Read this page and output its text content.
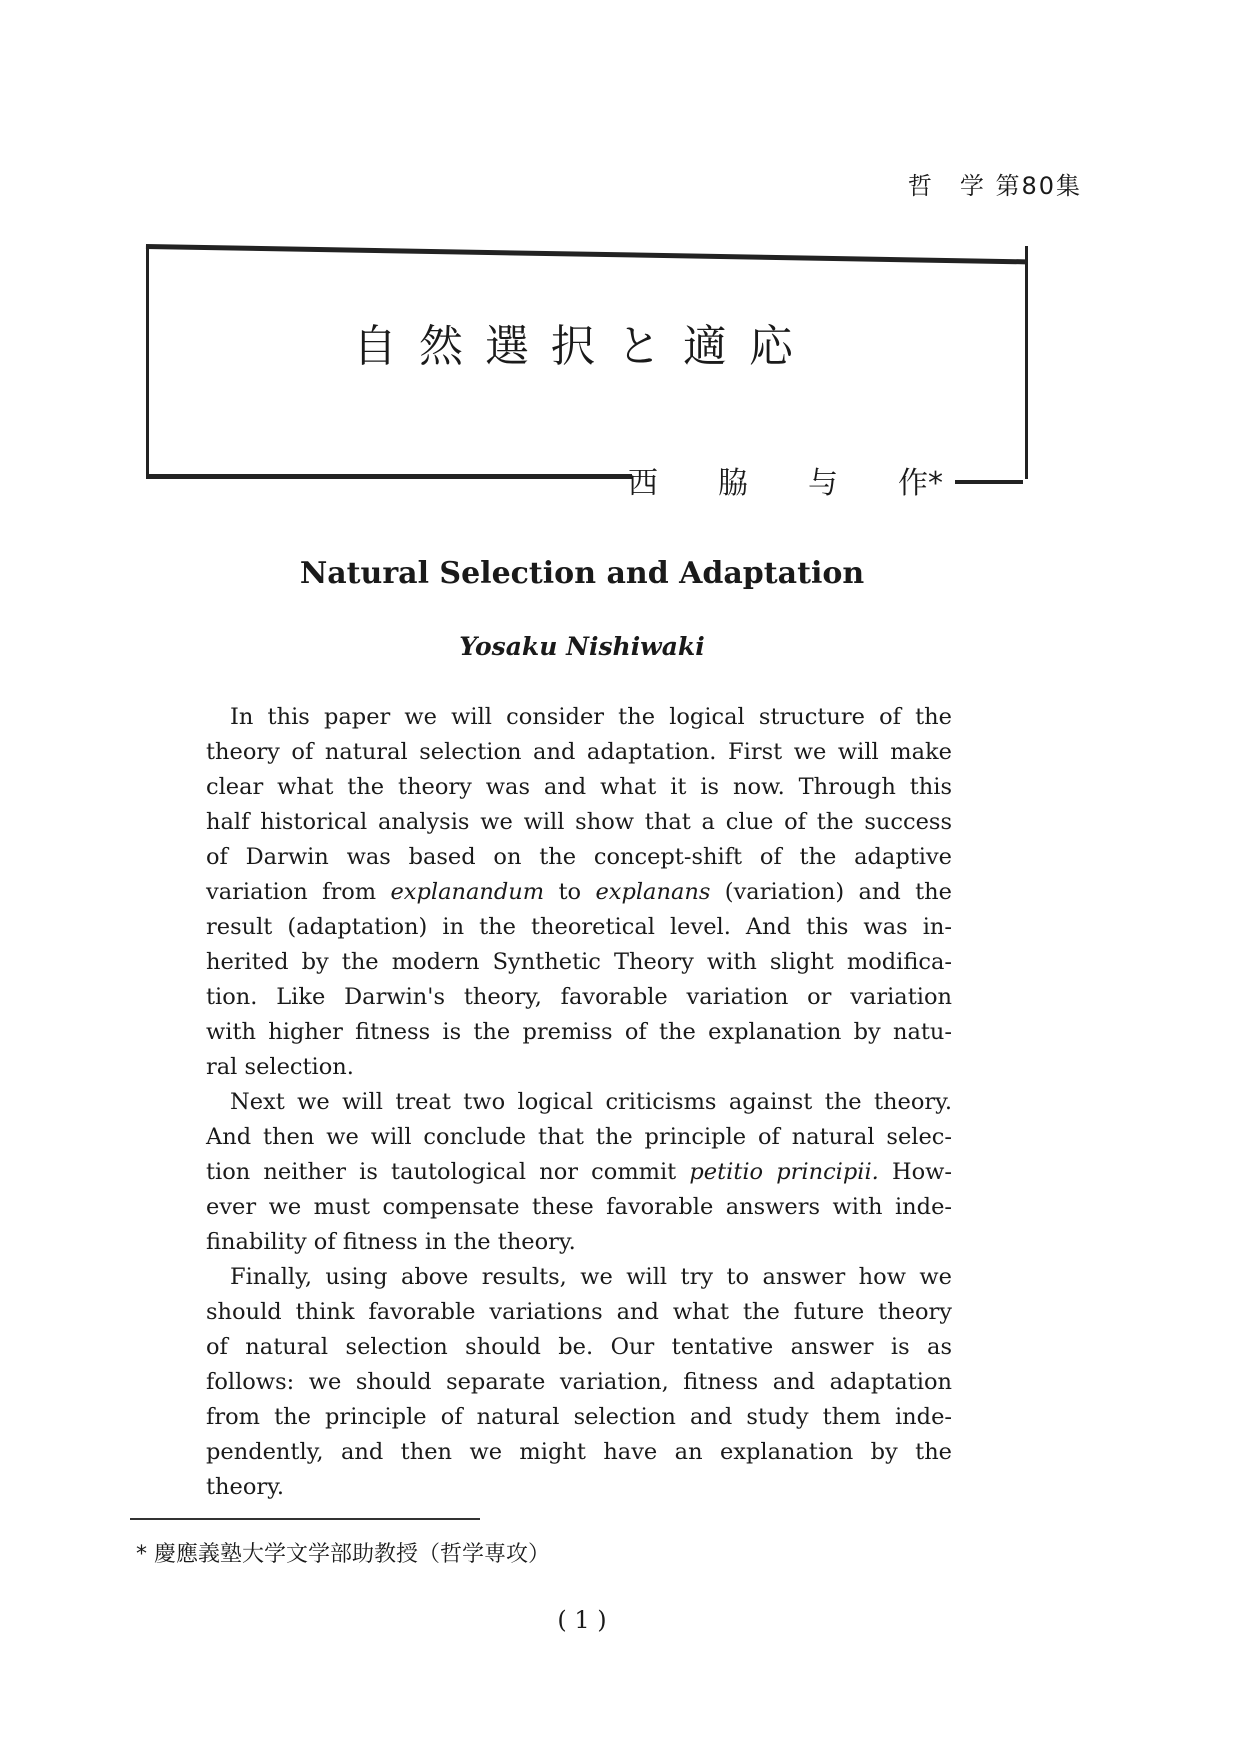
哲　学 第80集
自然選択と適応
西 脇 与 作*
Natural Selection and Adaptation
Yosaku Nishiwaki
In this paper we will consider the logical structure of the
theory of natural selection and adaptation. First we will make
clear what the theory was and what it is now. Through this
half historical analysis we will show that a clue of the success
of Darwin was based on the concept-shift of the adaptive
variation from explanandum to explanans (variation) and the
result (adaptation) in the theoretical level. And this was in-
herited by the modern Synthetic Theory with slight modifica-
tion. Like Darwin's theory, favorable variation or variation
with higher fitness is the premiss of the explanation by natu-
ral selection.
Next we will treat two logical criticisms against the theory.
And then we will conclude that the principle of natural selec-
tion neither is tautological nor commit petitio principii. How-
ever we must compensate these favorable answers with inde-
finability of fitness in the theory.
Finally, using above results, we will try to answer how we
should think favorable variations and what the future theory
of natural selection should be. Our tentative answer is as
follows: we should separate variation, fitness and adaptation
from the principle of natural selection and study them inde-
pendently, and then we might have an explanation by the
theory.
* 慶應義塾大学文学部助教授（哲学専攻）
( 1 )
